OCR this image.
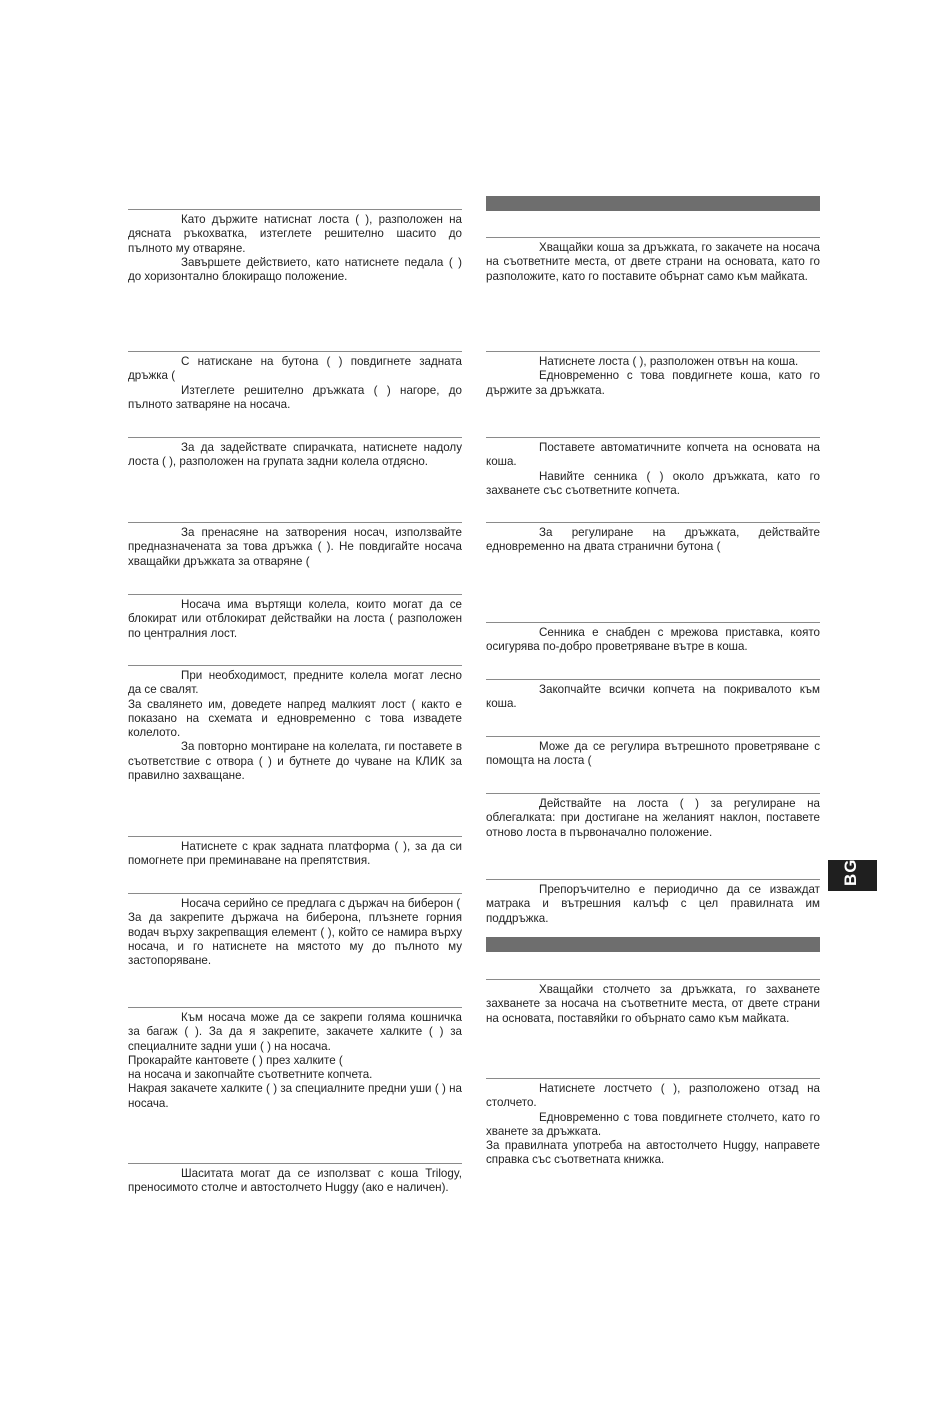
Като държите натиснат лоста ( ), разположен на дясната ръкохватка, изтеглете решително шасито до пълното му отваряне.

Завършете действието, като натиснете педала ( ) до хоризонтално блокиращо положение.

С натискане на бутона ( ) повдигнете задната дръжка (

Изтеглете решително дръжката ( ) нагоре, до пълното затваряне на носача.

За да задействате спирачката, натиснете надолу лоста ( ), разположен на групата задни колела отдясно.

За пренасяне на затворения носач, използвайте предназначената за това дръжка ( ). Не повдигайте носача хващайки дръжката за отваряне (

Носача има въртящи колела, които могат да се блокират или отблокират действайки на лоста ( разположен по централния лост.

При необходимост, предните колела могат лесно да се свалят.

За свалянето им, доведете напред малкият лост ( както е показано на схемата и едновременно с това извадете колелото.

За повторно монтиране на колелата, ги поставете в съответствие с отвора ( ) и бутнете до чуване на КЛИК за правилно захващане.

Натиснете с крак задната платформа ( ), за да си помогнете при преминаване на препятствия.

Носача серийно се предлага с държач на биберон (

За да закрепите държача на биберона, плъзнете горния водач върху закрепващия елемент ( ), който се намира върху носача, и го натиснете на мястото му до пълното му застопоряване.

Към носача може да се закрепи голяма кошничка за багаж ( ). За да я закрепите, закачете халките ( ) за специалните задни уши ( ) на носача.

Прокарайте кантовете ( ) през халките (

на носача и закопчайте съответните копчета.

Накрая закачете халките ( ) за специалните предни уши ( ) на носача.

Шаситата могат да се използват с коша Trilogy, преносимото столче и автостолчето Huggy (ако е наличен).

Хващайки коша за дръжката, го закачете на носача на съответните места, от двете страни на основата, като го разположите, като го поставите обърнат само към майката.

Натиснете лоста ( ), разположен отвън на коша.

Едновременно с това повдигнете коша, като го държите за дръжката.

Поставете автоматичните копчета на основата на коша.

Навийте сенника ( ) около дръжката, като го захванете със съответните копчета.

За регулиране на дръжката, действайте едновременно на двата странични бутона (

Сенника е снабден с мрежова приставка, която осигурява по-добро проветряване вътре в коша.

Закопчайте всички копчета на покривалото към коша.

Може да се регулира вътрешното проветряване с помощта на лоста (

Действайте на лоста ( ) за регулиране на облегалката: при достигане на желаният наклон, поставете отново лоста в първоначално положение.

Препоръчително е периодично да се изваждат матрака и вътрешния калъф с цел правилната им поддръжка.

Хващайки столчето за дръжката, го захванете захванете за носача на съответните места, от двете страни на основата, поставяйки го обърнато само към майката.

Натиснете лостчето ( ), разположено отзад на столчето.

Едновременно с това повдигнете столчето, като го хванете за дръжката.

За правилната употреба на автостолчето Huggy, направете справка със съответната книжка.

BG
